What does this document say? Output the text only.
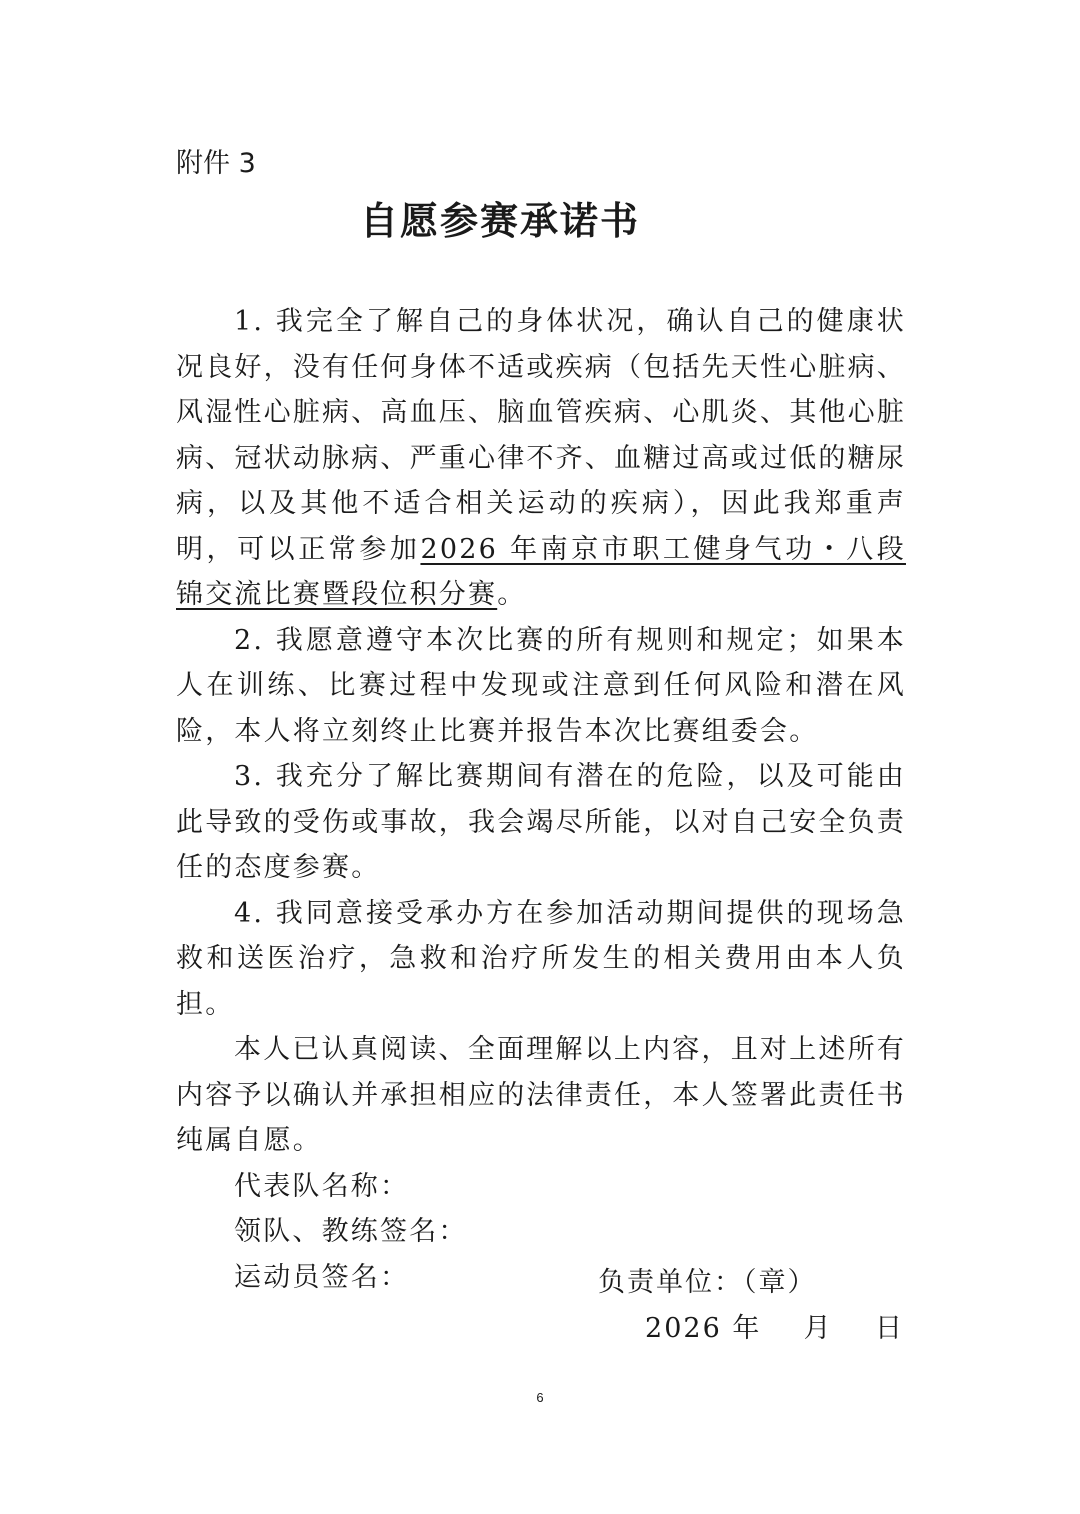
附件 3
自愿参赛承诺书

1. 我完全了解自己的身体状况，确认自己的健康状况良好，没有任何身体不适或疾病（包括先天性心脏病、风湿性心脏病、高血压、脑血管疾病、心肌炎、其他心脏病、冠状动脉病、严重心律不齐、血糖过高或过低的糖尿病，以及其他不适合相关运动的疾病），因此我郑重声明，可以正常参加2026 年南京市职工健身气功・八段锦交流比赛暨段位积分赛。

2. 我愿意遵守本次比赛的所有规则和规定；如果本人在训练、比赛过程中发现或注意到任何风险和潜在风险，本人将立刻终止比赛并报告本次比赛组委会。

3. 我充分了解比赛期间有潜在的危险，以及可能由此导致的受伤或事故，我会竭尽所能，以对自己安全负责任的态度参赛。

4. 我同意接受承办方在参加活动期间提供的现场急救和送医治疗，急救和治疗所发生的相关费用由本人负担。

本人已认真阅读、全面理解以上内容，且对上述所有内容予以确认并承担相应的法律责任，本人签署此责任书纯属自愿。

代表队名称：

领队、教练签名：

运动员签名：	负责单位：（章）
2026 年    月    日
6
